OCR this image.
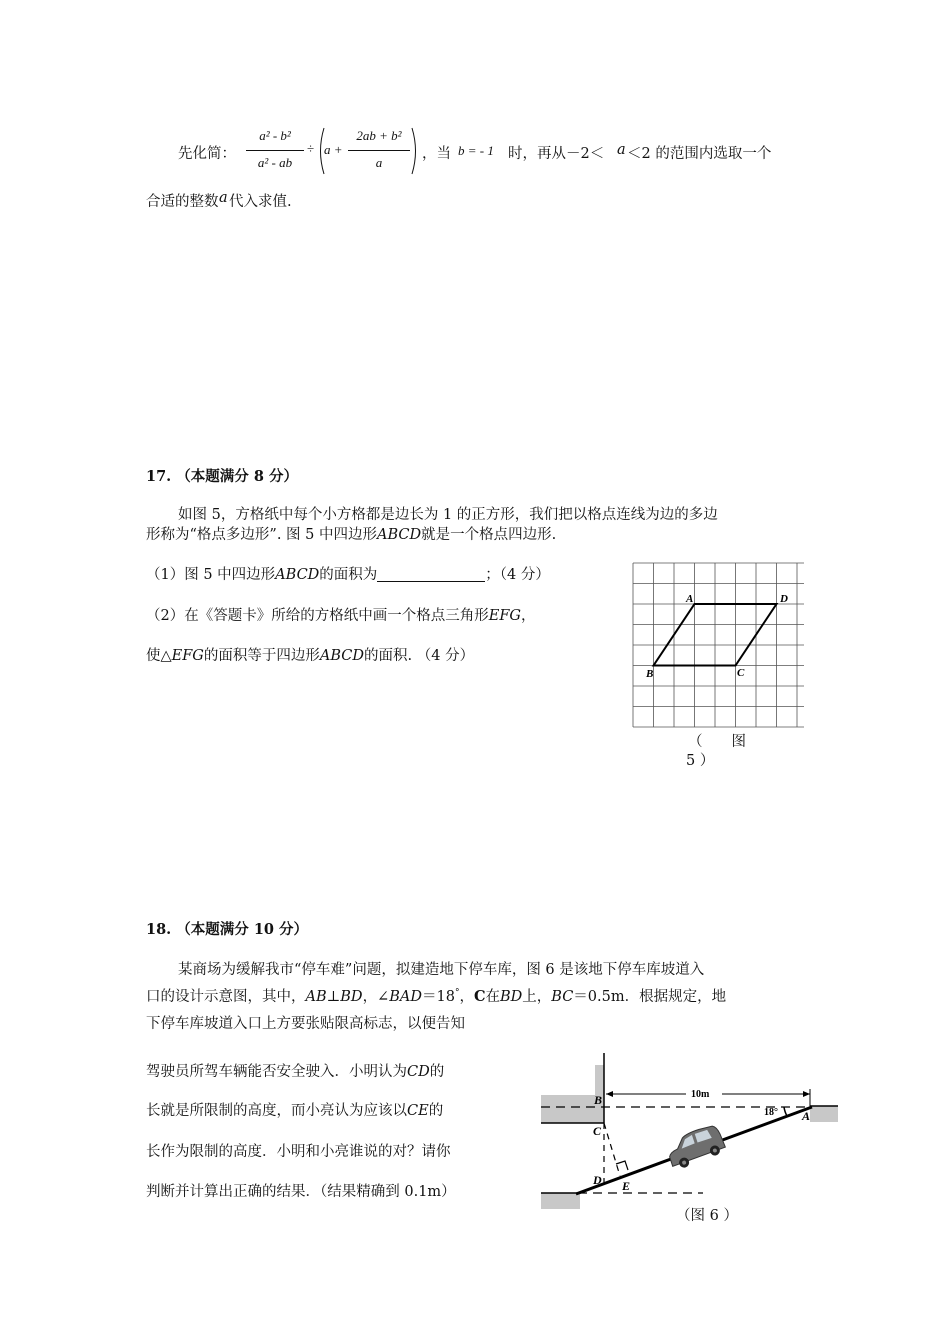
先化简：
a² - b²
a² - ab
÷ a +
2ab + b²
a
，当 b = - 1 时，再从－2＜ a ＜2 的范围内选取一个
合适的整数 a 代入求值.
17. （本题满分 8 分）
如图 5，方格纸中每个小方格都是边长为 1 的正方形，我们把以格点连线为边的多边
形称为“格点多边形”. 图 5 中四边形ABCD就是一个格点四边形.
（1）图 5 中四边形ABCD的面积为	；（4 分）
（2）在《答题卡》所给的方格纸中画一个格点三角形EFG，
使△EFG的面积等于四边形ABCD的面积. （4 分）
A	D
B	C
（　　图
5 ）
18. （本题满分 10 分）
某商场为缓解我市“停车难”问题，拟建造地下停车库，图 6 是该地下停车库坡道入
口的设计示意图，其中，AB⊥BD，∠BAD＝18°，C在BD上，BC＝0.5m．根据规定，地
下停车库坡道入口上方要张贴限高标志，以便告知
驾驶员所驾车辆能否安全驶入．小明认为CD的
长就是所限制的高度，而小亮认为应该以CE的
长作为限制的高度．小明和小亮谁说的对？请你
判断并计算出正确的结果．（结果精确到 0.1m）
10m
18°
B
A
C
D E
（图 6 ）
